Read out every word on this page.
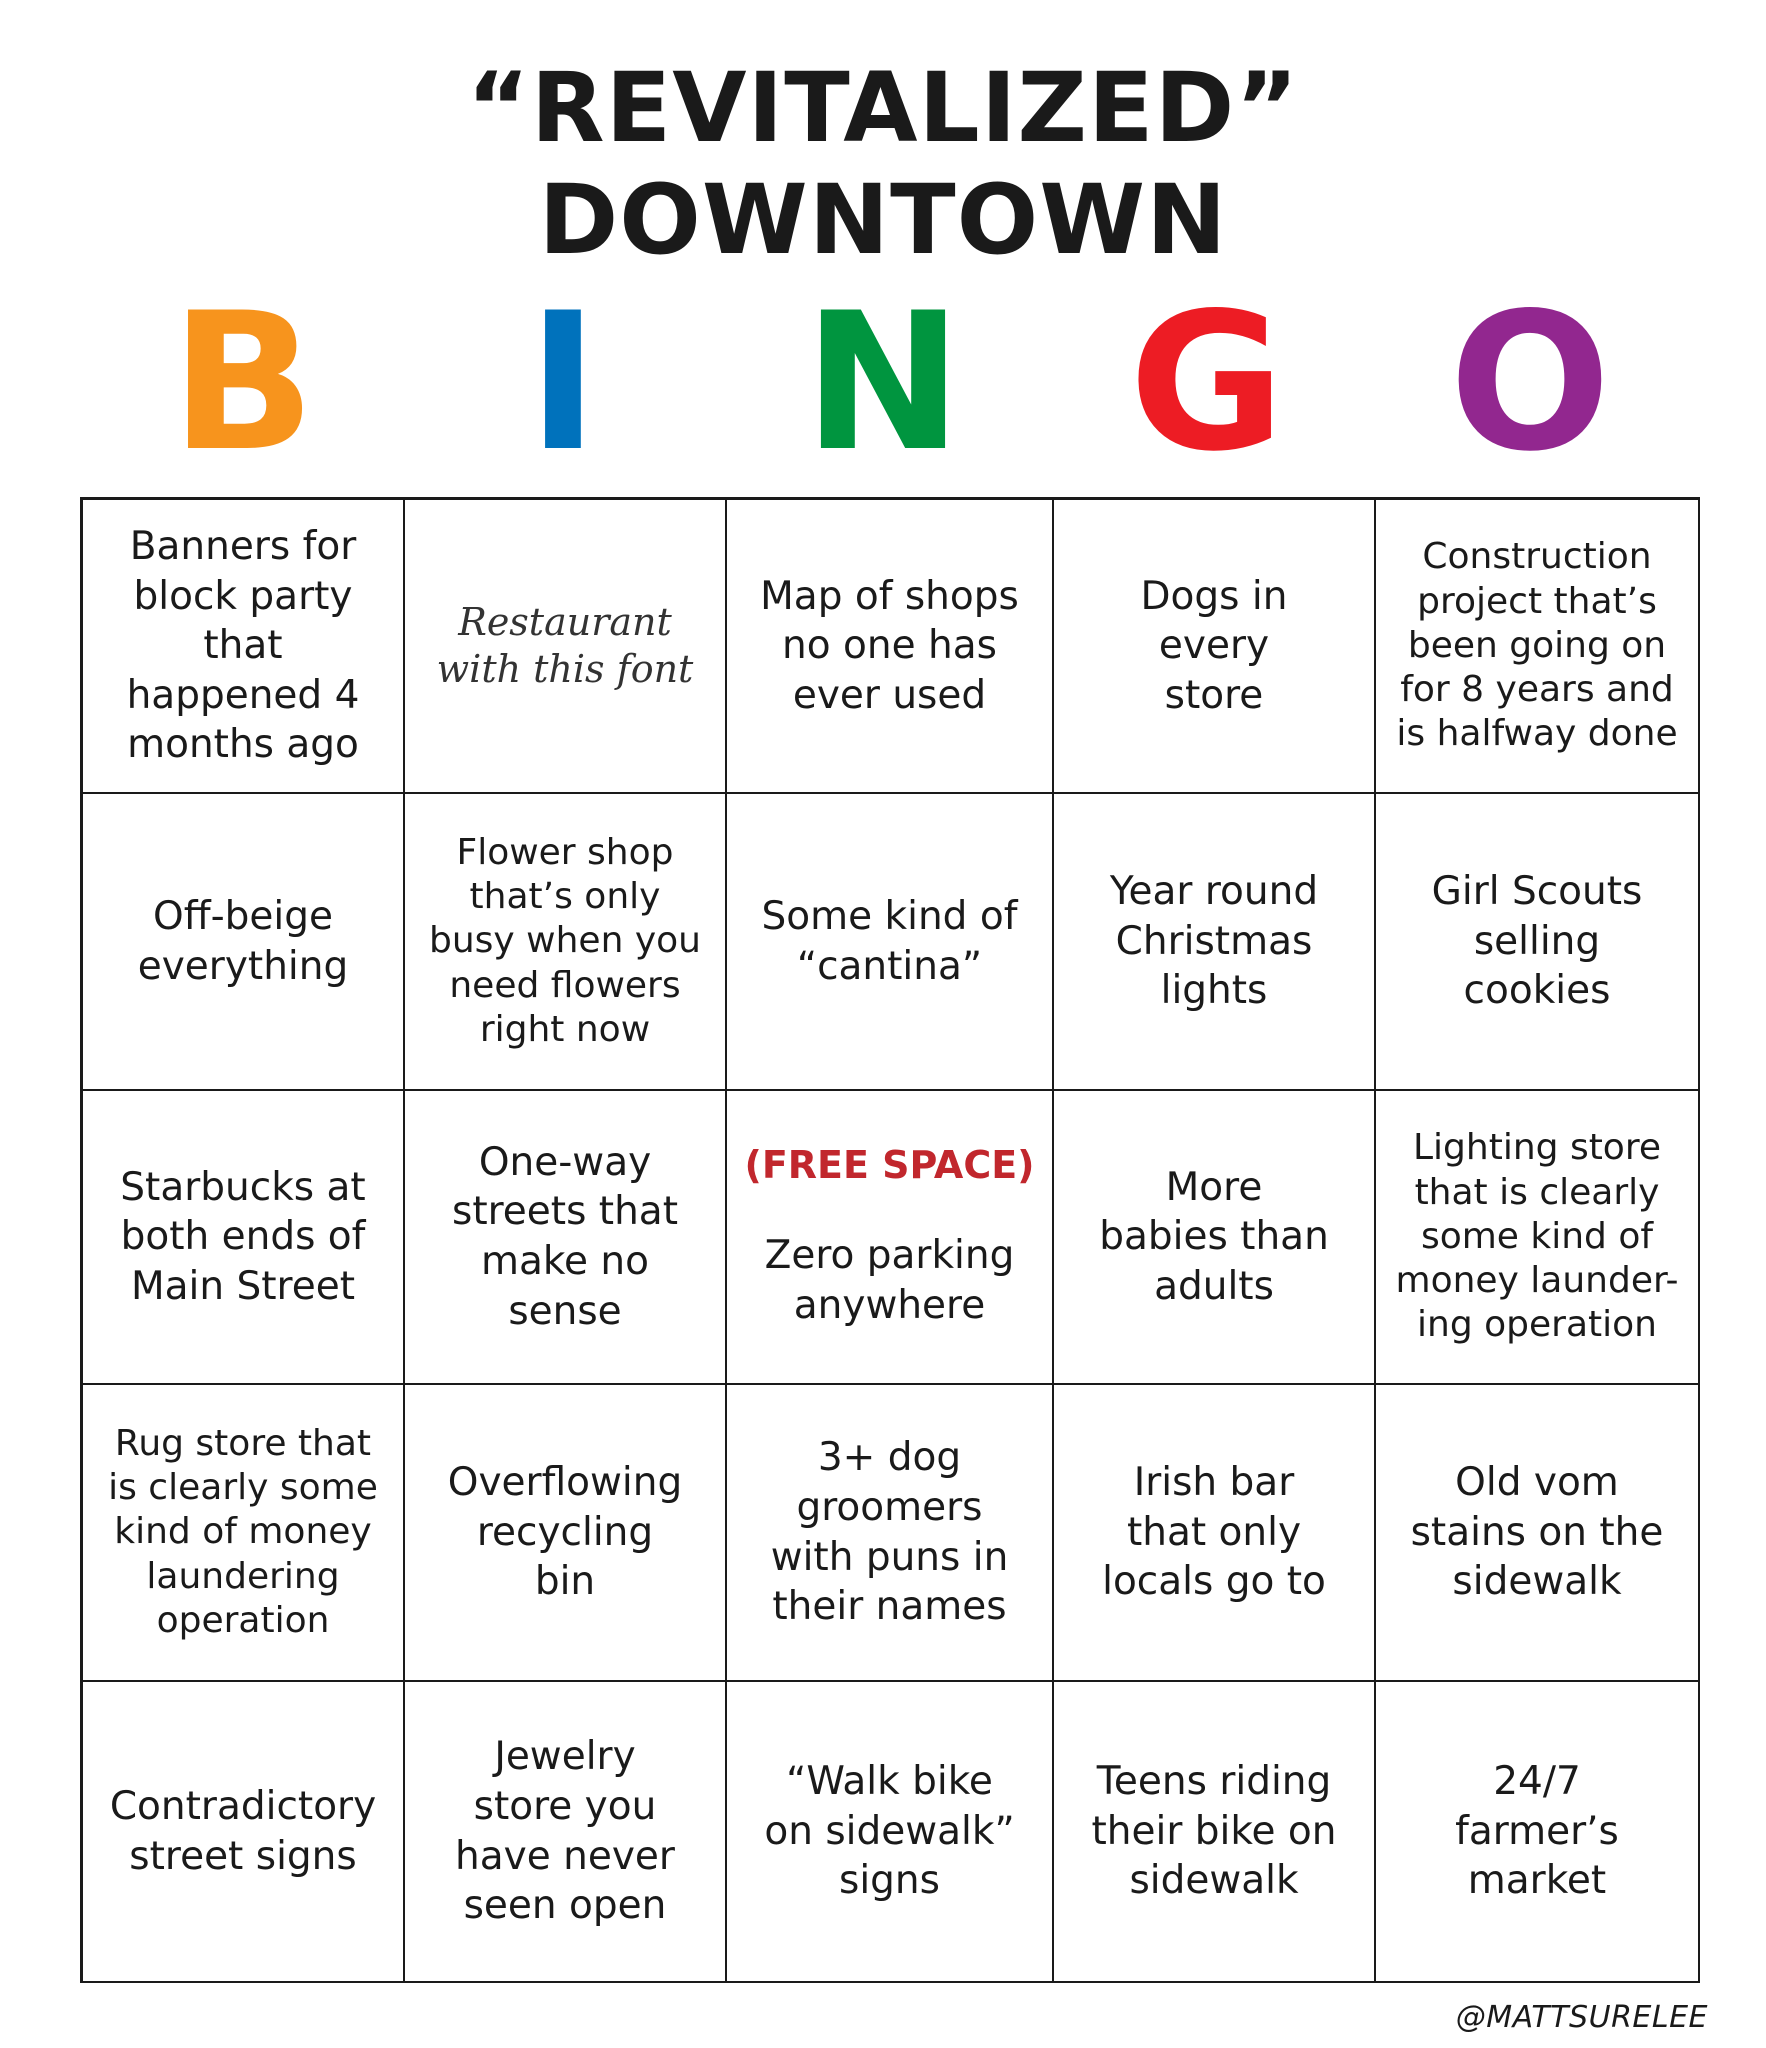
“REVITALIZED”
DOWNTOWN
B	I	N G O
Banners for
block party that
happened 4
months ago
Restaurant
with this font
Map of shops
no one has
ever used
Dogs in
every
store
Construction
project that’s
been going on
for 8 years and
is halfway done
Off-beige
everything
Flower shop
that’s only
busy when you
need flowers
right now
Some kind of
“cantina”
Year round
Christmas
lights
Girl Scouts
selling
cookies
Starbucks at
both ends of
Main Street
One-way
streets that
make no
sense
(FREE SPACE)
Zero parking
anywhere
More
babies than
adults
Lighting store
that is clearly
some kind of
money launder-
ing operation
Rug store that
is clearly some
kind of money
laundering
operation
Overflowing
recycling
bin
3+ dog
groomers
with puns in
their names
Irish bar
that only
locals go to
Old vom
stains on the
sidewalk
Contradictory
street signs
Jewelry
store you
have never
seen open
“Walk bike
on sidewalk”
signs
Teens riding
their bike on
sidewalk
24/7
farmer’s
market
@MATTSURELEE
